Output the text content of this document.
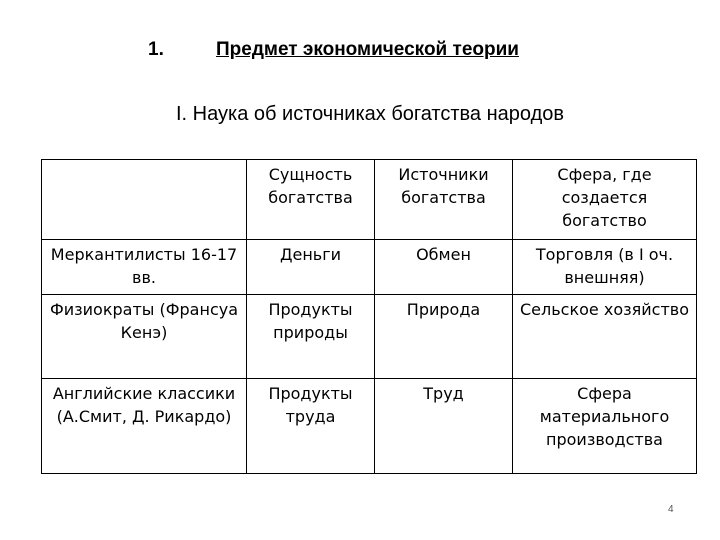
1.	Предмет экономической теории
I. Наука об источниках богатства народов
	Сущность богатства	Источники богатства	Сфера, где создается богатство
Меркантилисты 16-17 вв.	Деньги	Обмен	Торговля (в I оч. внешняя)
Физиократы (Франсуа Кенэ)	Продукты природы	Природа	Сельское хозяйство
Английские классики (А.Смит, Д. Рикардо)	Продукты труда	Труд	Сфера материального производства
4
